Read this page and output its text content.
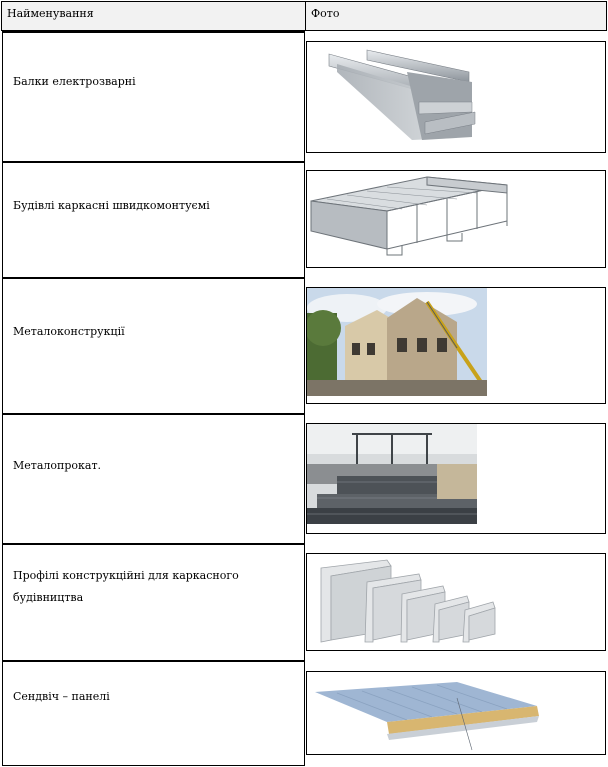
Найменування	Фото
Балки електрозварні
Будівлі каркасні швидкомонтуємі
Металоконструкції
Металопрокат.
Профілі конструкційні для каркасного будівництва
Сендвіч – панелі
